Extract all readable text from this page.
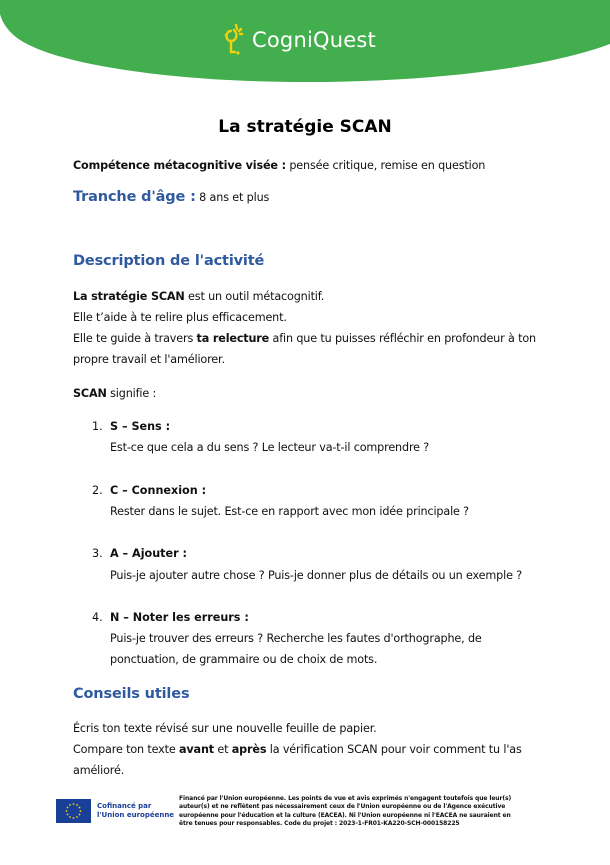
CogniQuest
La stratégie SCAN
Compétence métacognitive visée : pensée critique, remise en question
Tranche d'âge : 8 ans et plus
Description de l'activité
La stratégie SCAN est un outil métacognitif.
Elle t’aide à te relire plus efficacement.
Elle te guide à travers ta relecture afin que tu puisses réfléchir en profondeur à ton
propre travail et l'améliorer.
SCAN signifie :
1. S – Sens :
Est-ce que cela a du sens ? Le lecteur va-t-il comprendre ?
2. C – Connexion :
Rester dans le sujet. Est-ce en rapport avec mon idée principale ?
3. A – Ajouter :
Puis-je ajouter autre chose ? Puis-je donner plus de détails ou un exemple ?
4. N – Noter les erreurs :
Puis-je trouver des erreurs ? Recherche les fautes d'orthographe, de
ponctuation, de grammaire ou de choix de mots.
Conseils utiles
Écris ton texte révisé sur une nouvelle feuille de papier.
Compare ton texte avant et après la vérification SCAN pour voir comment tu l'as
amélioré.
Cofinancé par
l'Union européenne
Financé par l'Union européenne. Les points de vue et avis exprimés n'engagent toutefois que leur(s)
auteur(s) et ne reflètent pas nécessairement ceux de l'Union européenne ou de l'Agence exécutive
européenne pour l'éducation et la culture (EACEA). Ni l'Union européenne ni l'EACEA ne sauraient en
être tenues pour responsables. Code du projet : 2023-1-FR01-KA220-SCH-000158225
